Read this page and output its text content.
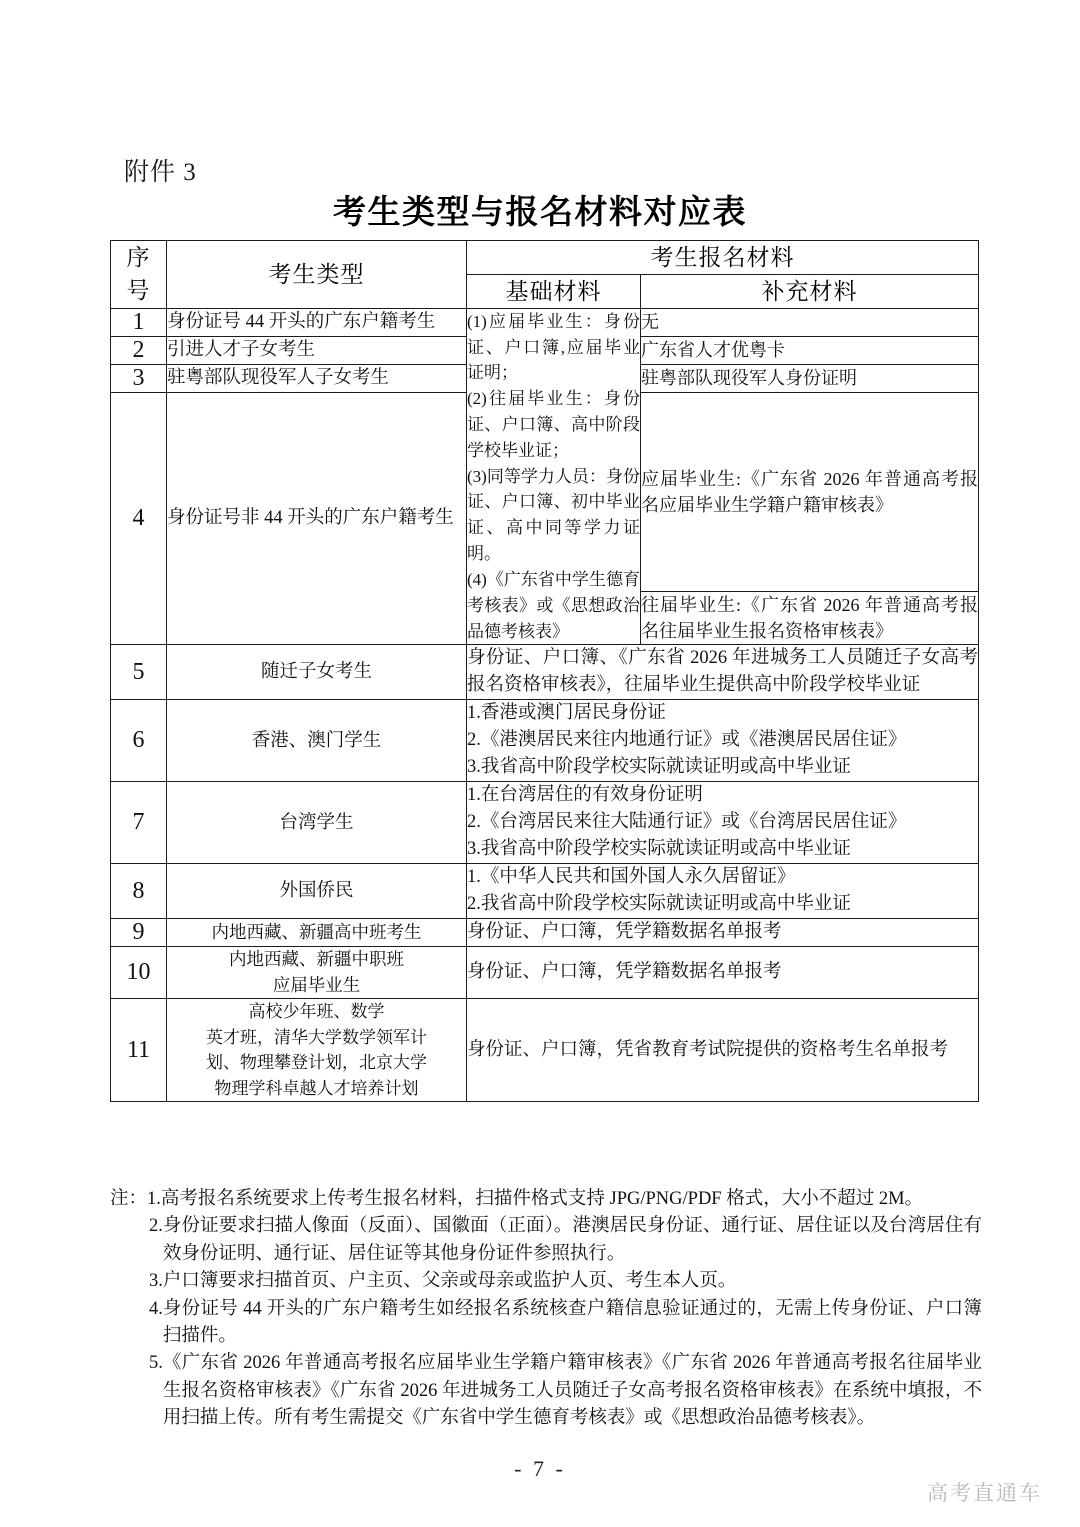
附件 3
考生类型与报名材料对应表
序
号	考生类型	考生报名材料	
		基础材料	补充材料
1	身份证号 44 开头的广东户籍考生	(1)应届毕业生：身份证、户口簿,应届毕业证明；

(2)往届毕业生：身份证、户口簿、高中阶段学校毕业证；

(3)同等学力人员：身份证、户口簿、初中毕业证、高中同等学力证明。

(4)《广东省中学生德育考核表》或《思想政治品德考核表》	无
2	引进人才子女考生		广东省人才优粤卡
3	驻粤部队现役军人子女考生		驻粤部队现役军人身份证明
4	身份证号非 44 开头的广东户籍考生		应届毕业生:《广东省 2026 年普通高考报名应届毕业生学籍户籍审核表》
			往届毕业生:《广东省 2026 年普通高考报名往届毕业生报名资格审核表》
5	随迁子女考生	身份证、户口簿、《广东省 2026 年进城务工人员随迁子女高考报名资格审核表》，往届毕业生提供高中阶段学校毕业证	
6	香港、澳门学生	1.香港或澳门居民身份证

2.《港澳居民来往内地通行证》或《港澳居民居住证》

3.我省高中阶段学校实际就读证明或高中毕业证	

7	台湾学生	1.在台湾居住的有效身份证明

2.《台湾居民来往大陆通行证》或《台湾居民居住证》

3.我省高中阶段学校实际就读证明或高中毕业证	

8	外国侨民	1.《中华人民共和国外国人永久居留证》

2.我省高中阶段学校实际就读证明或高中毕业证	

9	内地西藏、新疆高中班考生	身份证、户口簿，凭学籍数据名单报考	
10	内地西藏、新疆中职班
应届毕业生	身份证、户口簿，凭学籍数据名单报考	
11	高校少年班、数学
英才班，清华大学数学领军计
划、物理攀登计划，北京大学
物理学科卓越人才培养计划	身份证、户口簿，凭省教育考试院提供的资格考生名单报考	
注： 1. 高考报名系统要求上传考生报名材料，扫描件格式支持 JPG/PNG/PDF 格式，大小不超过 2M。
2. 身份证要求扫描人像面（反面）、国徽面（正面）。港澳居民身份证、通行证、居住证以及台湾居住有效身份证明、通行证、居住证等其他身份证件参照执行。
3. 户口簿要求扫描首页、户主页、父亲或母亲或监护人页、考生本人页。
4. 身份证号 44 开头的广东户籍考生如经报名系统核查户籍信息验证通过的，无需上传身份证、户口簿扫描件。
5. 《广东省 2026 年普通高考报名应届毕业生学籍户籍审核表》《广东省 2026 年普通高考报名往届毕业生报名资格审核表》《广东省 2026 年进城务工人员随迁子女高考报名资格审核表》在系统中填报，不用扫描上传。所有考生需提交《广东省中学生德育考核表》或《思想政治品德考核表》。
- 7 -
高考直通车
